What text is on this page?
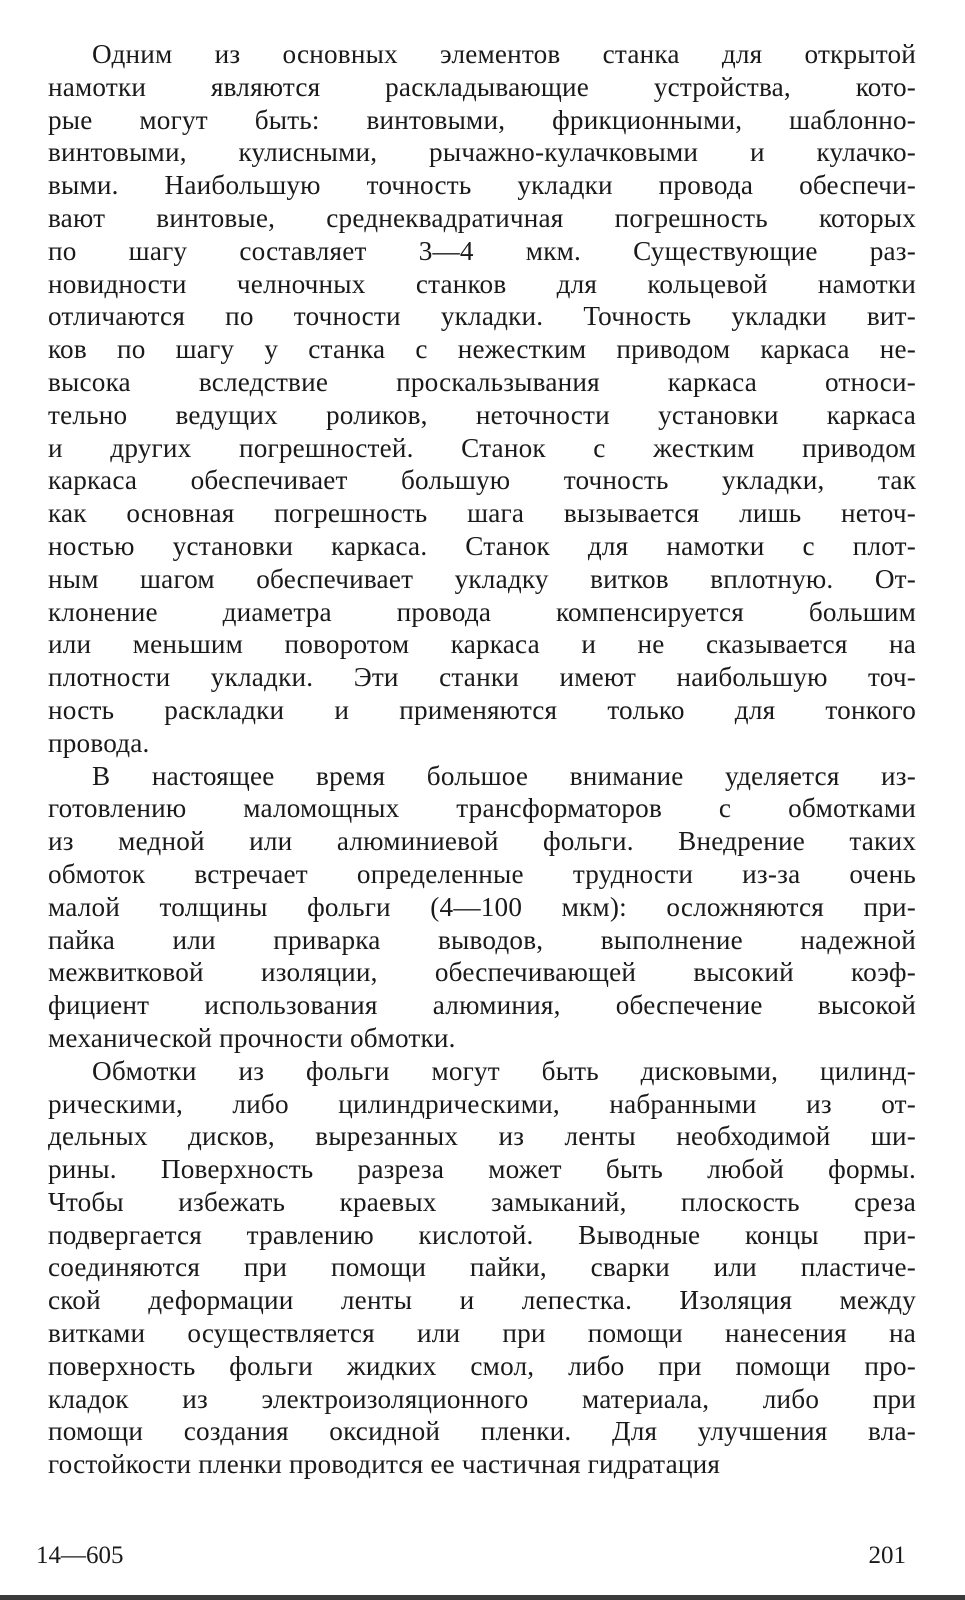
Одним из основных элементов станка для открытой
намотки являются раскладывающие устройства, кото-
рые могут быть: винтовыми, фрикционными, шаблонно-
винтовыми, кулисными, рычажно-кулачковыми и кулачко-
выми. Наибольшую точность укладки провода обеспечи-
вают винтовые, среднеквадратичная погрешность которых
по шагу составляет 3—4 мкм. Существующие раз-
новидности челночных станков для кольцевой намотки
отличаются по точности укладки. Точность укладки вит-
ков по шагу у станка с нежестким приводом каркаса не-
высока вследствие проскальзывания каркаса относи-
тельно ведущих роликов, неточности установки каркаса
и других погрешностей. Станок с жестким приводом
каркаса обеспечивает большую точность укладки, так
как основная погрешность шага вызывается лишь неточ-
ностью установки каркаса. Станок для намотки с плот-
ным шагом обеспечивает укладку витков вплотную. От-
клонение диаметра провода компенсируется большим
или меньшим поворотом каркаса и не сказывается на
плотности укладки. Эти станки имеют наибольшую точ-
ность раскладки и применяются только для тонкого
провода.
В настоящее время большое внимание уделяется из-
готовлению маломощных трансформаторов с обмотками
из медной или алюминиевой фольги. Внедрение таких
обмоток встречает определенные трудности из-за очень
малой толщины фольги (4—100 мкм): осложняются при-
пайка или приварка выводов, выполнение надежной
межвитковой изоляции, обеспечивающей высокий коэф-
фициент использования алюминия, обеспечение высокой
механической прочности обмотки.
Обмотки из фольги могут быть дисковыми, цилинд-
рическими, либо цилиндрическими, набранными из от-
дельных дисков, вырезанных из ленты необходимой ши-
рины. Поверхность разреза может быть любой формы.
Чтобы избежать краевых замыканий, плоскость среза
подвергается травлению кислотой. Выводные концы при-
соединяются при помощи пайки, сварки или пластиче-
ской деформации ленты и лепестка. Изоляция между
витками осуществляется или при помощи нанесения на
поверхность фольги жидких смол, либо при помощи про-
кладок из электроизоляционного материала, либо при
помощи создания оксидной пленки. Для улучшения вла-
гостойкости пленки проводится ее частичная гидратация
14—605	201
